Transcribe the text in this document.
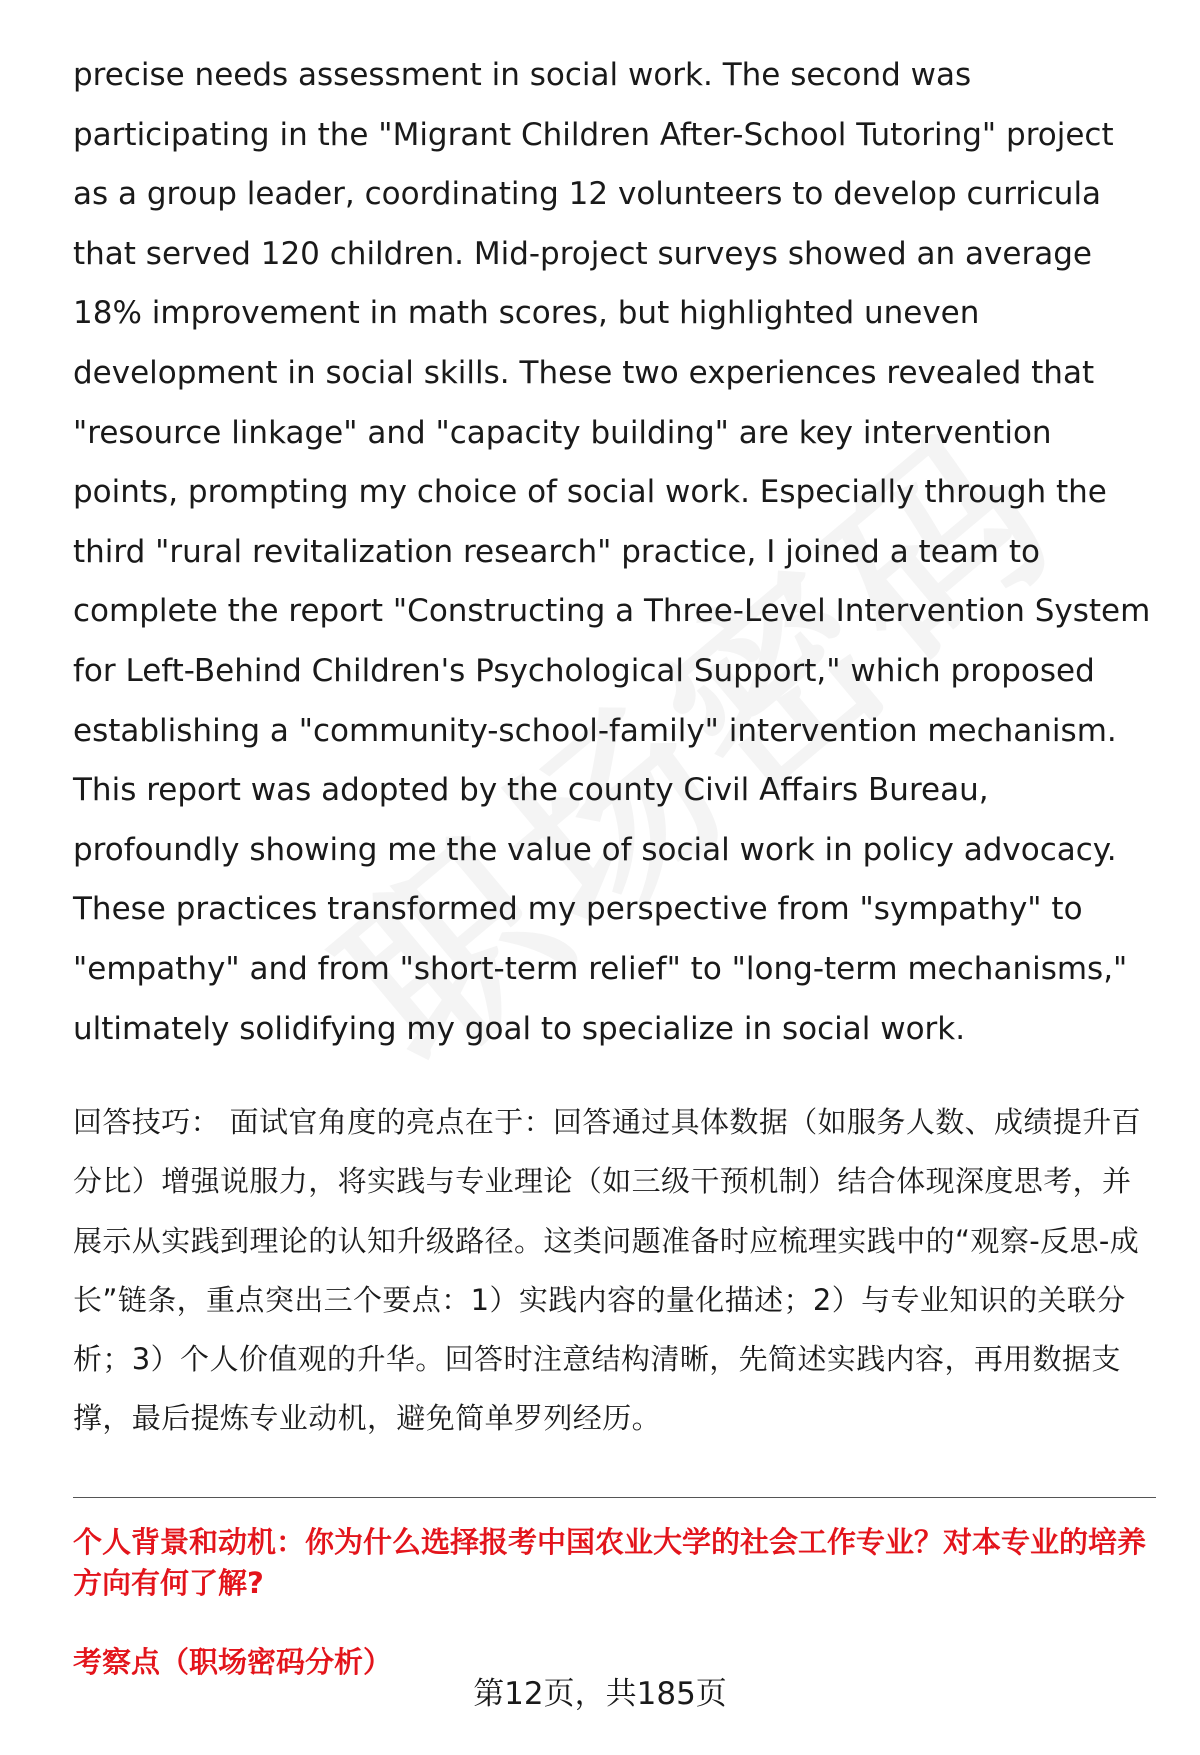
precise needs assessment in social work. The second was participating in the "Migrant Children After-School Tutoring" project as a group leader, coordinating 12 volunteers to develop curricula that served 120 children. Mid-project surveys showed an average 18% improvement in math scores, but highlighted uneven development in social skills. These two experiences revealed that "resource linkage" and "capacity building" are key intervention points, prompting my choice of social work. Especially through the third "rural revitalization research" practice, I joined a team to complete the report "Constructing a Three-Level Intervention System for Left-Behind Children's Psychological Support," which proposed establishing a "community-school-family" intervention mechanism. This report was adopted by the county Civil Affairs Bureau, profoundly showing me the value of social work in policy advocacy. These practices transformed my perspective from "sympathy" to "empathy" and from "short-term relief" to "long-term mechanisms," ultimately solidifying my goal to specialize in social work.

回答技巧： 面试官角度的亮点在于：回答通过具体数据（如服务人数、成绩提升百分比）增强说服力，将实践与专业理论（如三级干预机制）结合体现深度思考，并展示从实践到理论的认知升级路径。这类问题准备时应梳理实践中的“观察-反思-成长”链条，重点突出三个要点：1）实践内容的量化描述；2）与专业知识的关联分析；3）个人价值观的升华。回答时注意结构清晰，先简述实践内容，再用数据支撑，最后提炼专业动机，避免简单罗列经历。

个人背景和动机：你为什么选择报考中国农业大学的社会工作专业？对本专业的培养方向有何了解?
考察点（职场密码分析）
第12页，共185页
